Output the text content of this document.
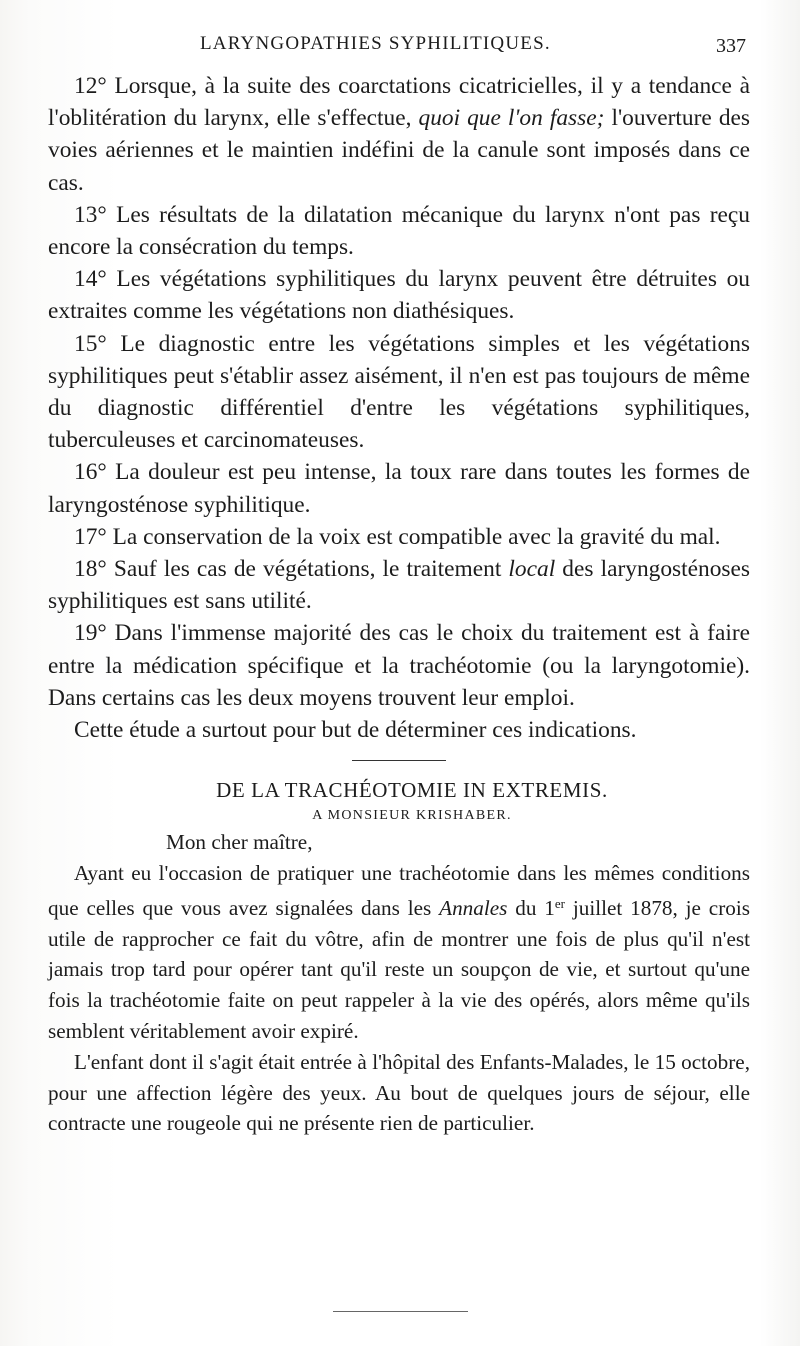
LARYNGOPATHIES SYPHILITIQUES.	337

12° Lorsque, à la suite des coarctations cicatricielles, il y a tendance à l'oblitération du larynx, elle s'effectue, quoi que l'on fasse; l'ouverture des voies aériennes et le maintien indéfini de la canule sont imposés dans ce cas.

13° Les résultats de la dilatation mécanique du larynx n'ont pas reçu encore la consécration du temps.

14° Les végétations syphilitiques du larynx peuvent être détruites ou extraites comme les végétations non diathésiques.

15° Le diagnostic entre les végétations simples et les végétations syphilitiques peut s'établir assez aisément, il n'en est pas toujours de même du diagnostic différentiel d'entre les végétations syphilitiques, tuberculeuses et carcinomateuses.

16° La douleur est peu intense, la toux rare dans toutes les formes de laryngosténose syphilitique.

17° La conservation de la voix est compatible avec la gravité du mal.

18° Sauf les cas de végétations, le traitement local des laryngosténoses syphilitiques est sans utilité.

19° Dans l'immense majorité des cas le choix du traitement est à faire entre la médication spécifique et la trachéotomie (ou la laryngotomie). Dans certains cas les deux moyens trouvent leur emploi.

Cette étude a surtout pour but de déterminer ces indications.

DE LA TRACHÉOTOMIE IN EXTREMIS.

A MONSIEUR KRISHABER.

Mon cher maître,

Ayant eu l'occasion de pratiquer une trachéotomie dans les mêmes conditions que celles que vous avez signalées dans les Annales du 1er juillet 1878, je crois utile de rapprocher ce fait du vôtre, afin de montrer une fois de plus qu'il n'est jamais trop tard pour opérer tant qu'il reste un soupçon de vie, et surtout qu'une fois la trachéotomie faite on peut rappeler à la vie des opérés, alors même qu'ils semblent véritablement avoir expiré.

L'enfant dont il s'agit était entrée à l'hôpital des Enfants-Malades, le 15 octobre, pour une affection légère des yeux. Au bout de quelques jours de séjour, elle contracte une rougeole qui ne présente rien de particulier.
